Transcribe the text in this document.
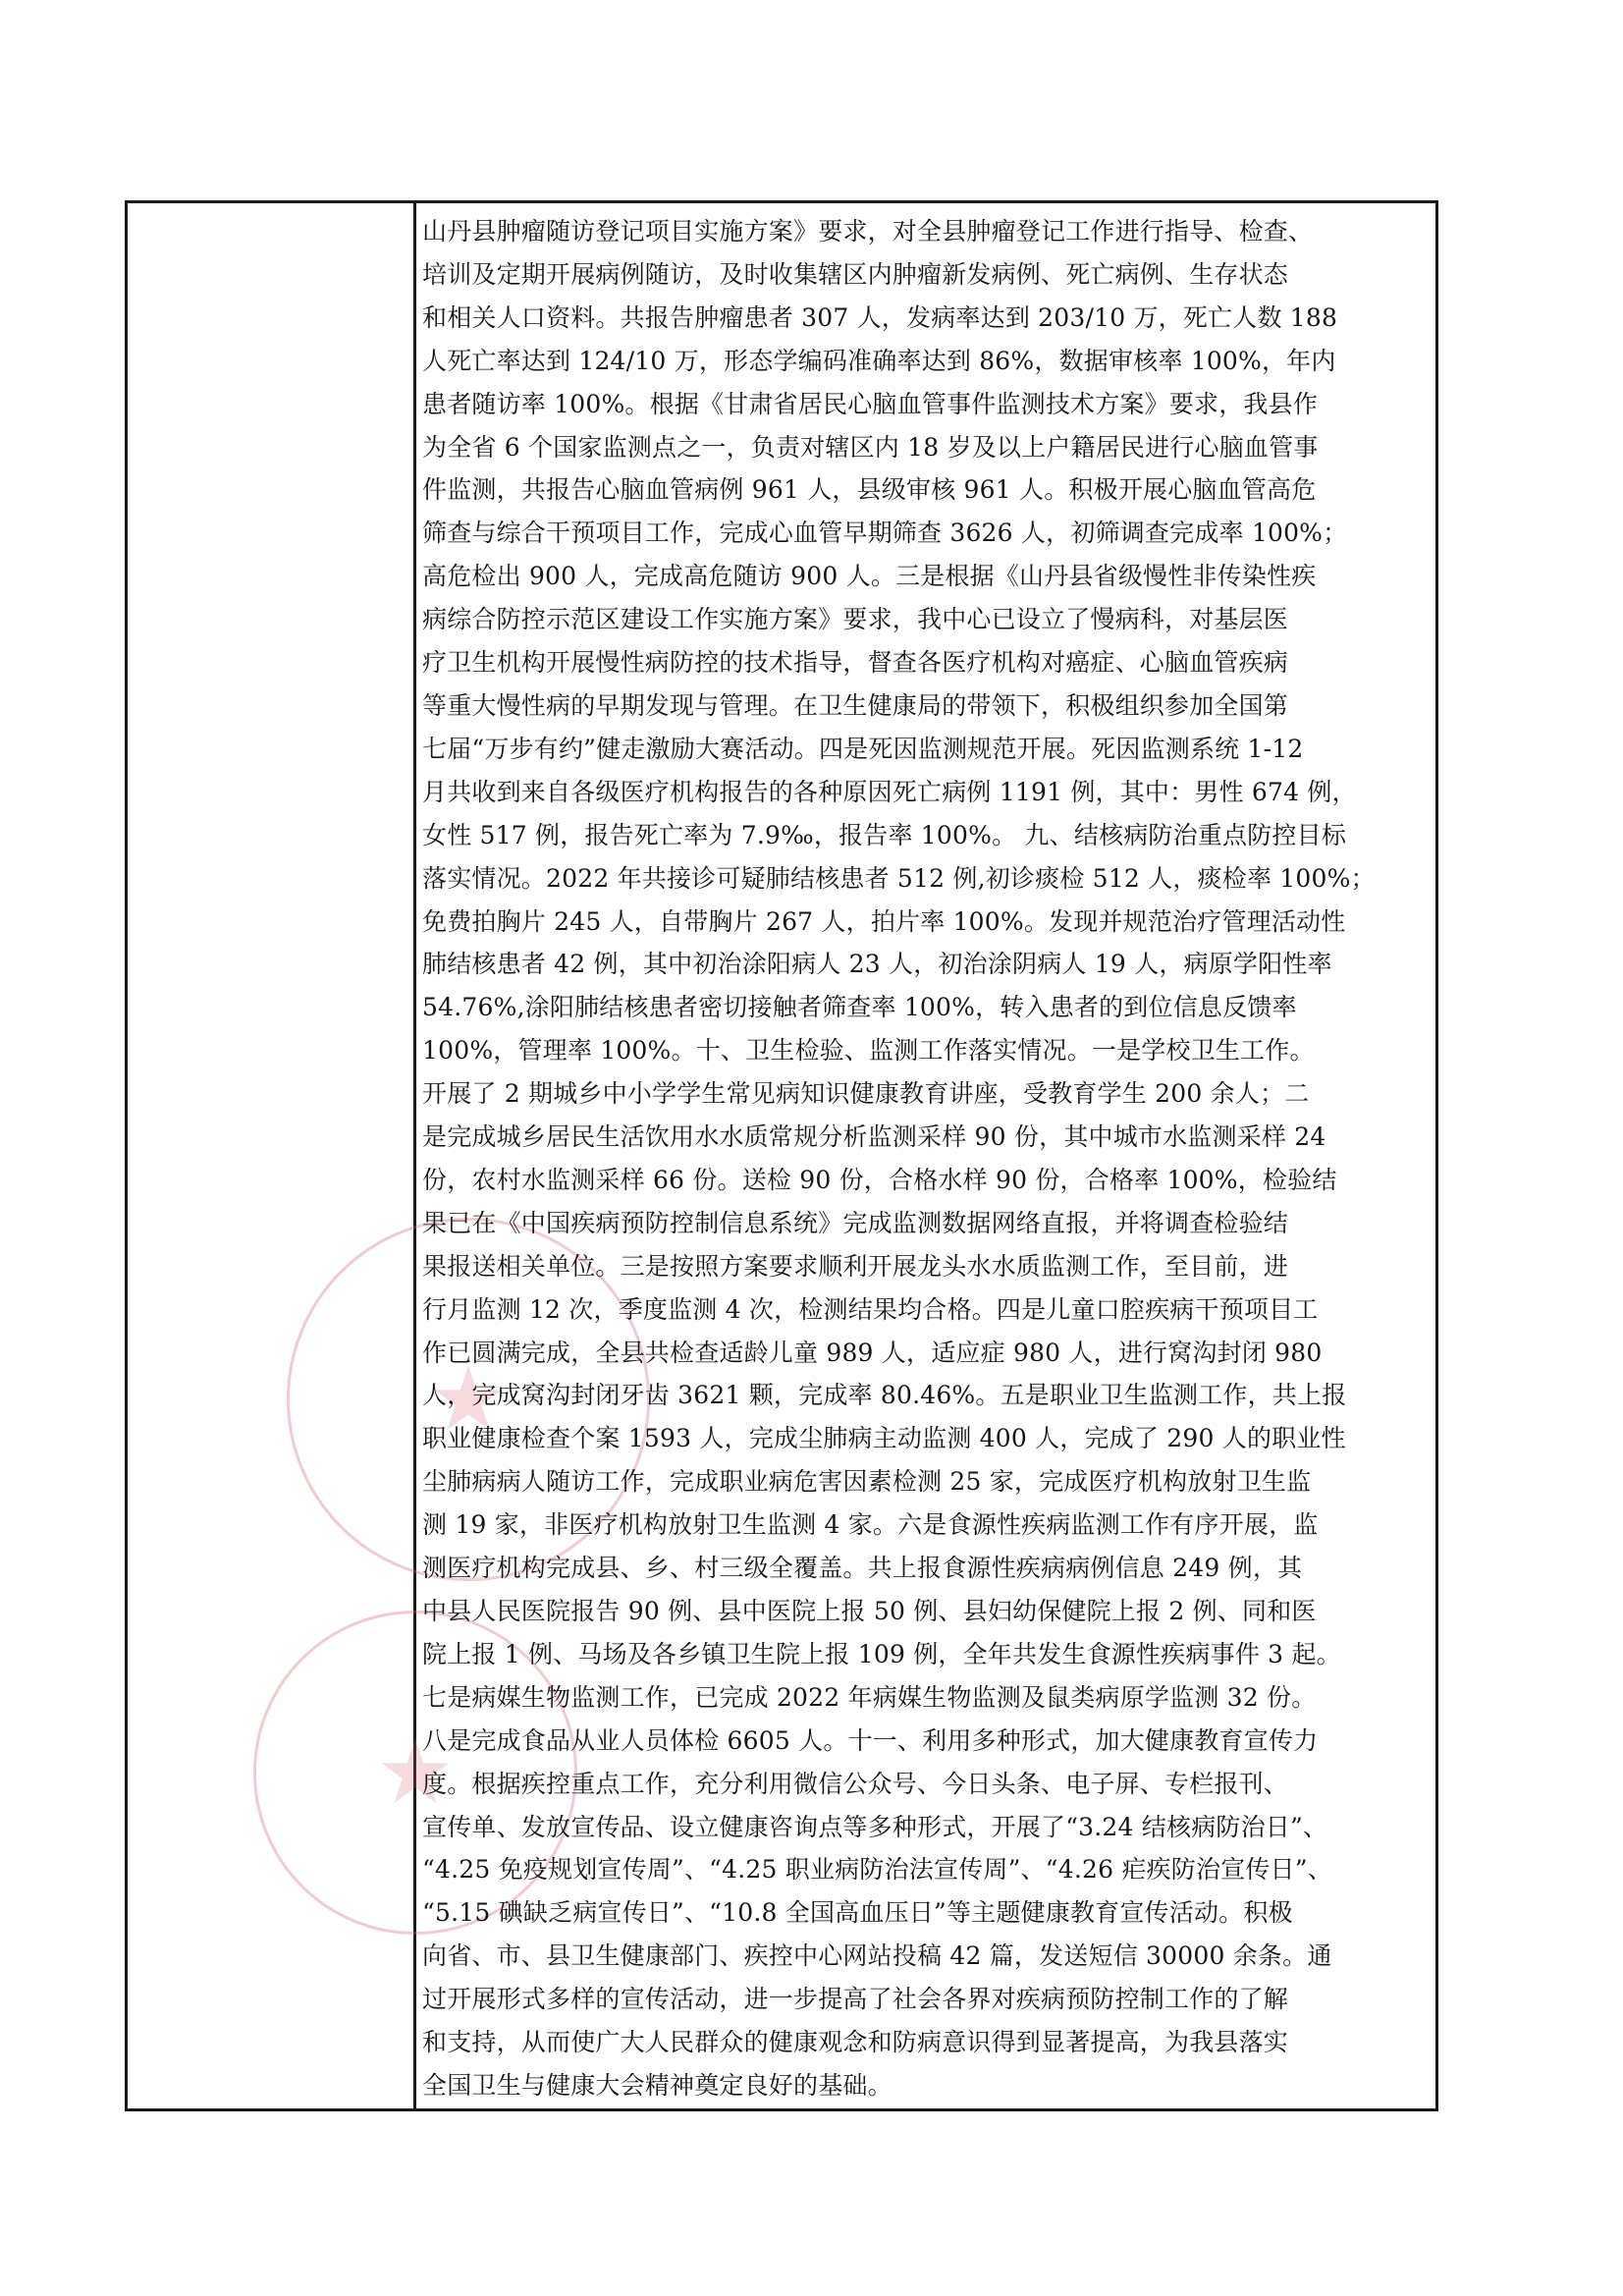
★
★

山丹县肿瘤随访登记项目实施方案》要求，对全县肿瘤登记工作进行指导、检查、

培训及定期开展病例随访，及时收集辖区内肿瘤新发病例、死亡病例、生存状态

和相关人口资料。共报告肿瘤患者 307 人，发病率达到 203/10 万，死亡人数 188

人死亡率达到 124/10 万，形态学编码准确率达到 86%，数据审核率 100%，年内

患者随访率 100%。根据《甘肃省居民心脑血管事件监测技术方案》要求，我县作

为全省 6 个国家监测点之一，负责对辖区内 18 岁及以上户籍居民进行心脑血管事

件监测，共报告心脑血管病例 961 人，县级审核 961 人。积极开展心脑血管高危

筛查与综合干预项目工作，完成心血管早期筛查 3626 人，初筛调查完成率 100%；

高危检出 900 人，完成高危随访 900 人。三是根据《山丹县省级慢性非传染性疾

病综合防控示范区建设工作实施方案》要求，我中心已设立了慢病科，对基层医

疗卫生机构开展慢性病防控的技术指导，督查各医疗机构对癌症、心脑血管疾病

等重大慢性病的早期发现与管理。在卫生健康局的带领下，积极组织参加全国第

七届“万步有约”健走激励大赛活动。四是死因监测规范开展。死因监测系统 1-12

月共收到来自各级医疗机构报告的各种原因死亡病例 1191 例，其中：男性 674 例，

女性 517 例，报告死亡率为 7.9‰，报告率 100%。 九、结核病防治重点防控目标

落实情况。2022 年共接诊可疑肺结核患者 512 例,初诊痰检 512 人，痰检率 100%；

免费拍胸片 245 人，自带胸片 267 人，拍片率 100%。发现并规范治疗管理活动性

肺结核患者 42 例，其中初治涂阳病人 23 人，初治涂阴病人 19 人，病原学阳性率

54.76%,涂阳肺结核患者密切接触者筛查率 100%，转入患者的到位信息反馈率

100%，管理率 100%。十、卫生检验、监测工作落实情况。一是学校卫生工作。

开展了 2 期城乡中小学学生常见病知识健康教育讲座，受教育学生 200 余人；二

是完成城乡居民生活饮用水水质常规分析监测采样 90 份，其中城市水监测采样 24

份，农村水监测采样 66 份。送检 90 份，合格水样 90 份，合格率 100%，检验结

果已在《中国疾病预防控制信息系统》完成监测数据网络直报，并将调查检验结

果报送相关单位。三是按照方案要求顺利开展龙头水水质监测工作，至目前，进

行月监测 12 次，季度监测 4 次，检测结果均合格。四是儿童口腔疾病干预项目工

作已圆满完成，全县共检查适龄儿童 989 人，适应症 980 人，进行窝沟封闭 980

人，完成窝沟封闭牙齿 3621 颗，完成率 80.46%。五是职业卫生监测工作，共上报

职业健康检查个案 1593 人，完成尘肺病主动监测 400 人，完成了 290 人的职业性

尘肺病病人随访工作，完成职业病危害因素检测 25 家，完成医疗机构放射卫生监

测 19 家，非医疗机构放射卫生监测 4 家。六是食源性疾病监测工作有序开展，监

测医疗机构完成县、乡、村三级全覆盖。共上报食源性疾病病例信息 249 例，其

中县人民医院报告 90 例、县中医院上报 50 例、县妇幼保健院上报 2 例、同和医

院上报 1 例、马场及各乡镇卫生院上报 109 例，全年共发生食源性疾病事件 3 起。

七是病媒生物监测工作，已完成 2022 年病媒生物监测及鼠类病原学监测 32 份。

八是完成食品从业人员体检 6605 人。十一、利用多种形式，加大健康教育宣传力

度。根据疾控重点工作，充分利用微信公众号、今日头条、电子屏、专栏报刊、

宣传单、发放宣传品、设立健康咨询点等多种形式，开展了“3.24 结核病防治日”、

“4.25 免疫规划宣传周”、“4.25 职业病防治法宣传周”、“4.26 疟疾防治宣传日”、

“5.15 碘缺乏病宣传日”、“10.8 全国高血压日”等主题健康教育宣传活动。积极

向省、市、县卫生健康部门、疾控中心网站投稿 42 篇，发送短信 30000 余条。通

过开展形式多样的宣传活动，进一步提高了社会各界对疾病预防控制工作的了解

和支持，从而使广大人民群众的健康观念和防病意识得到显著提高，为我县落实

全国卫生与健康大会精神奠定良好的基础。
